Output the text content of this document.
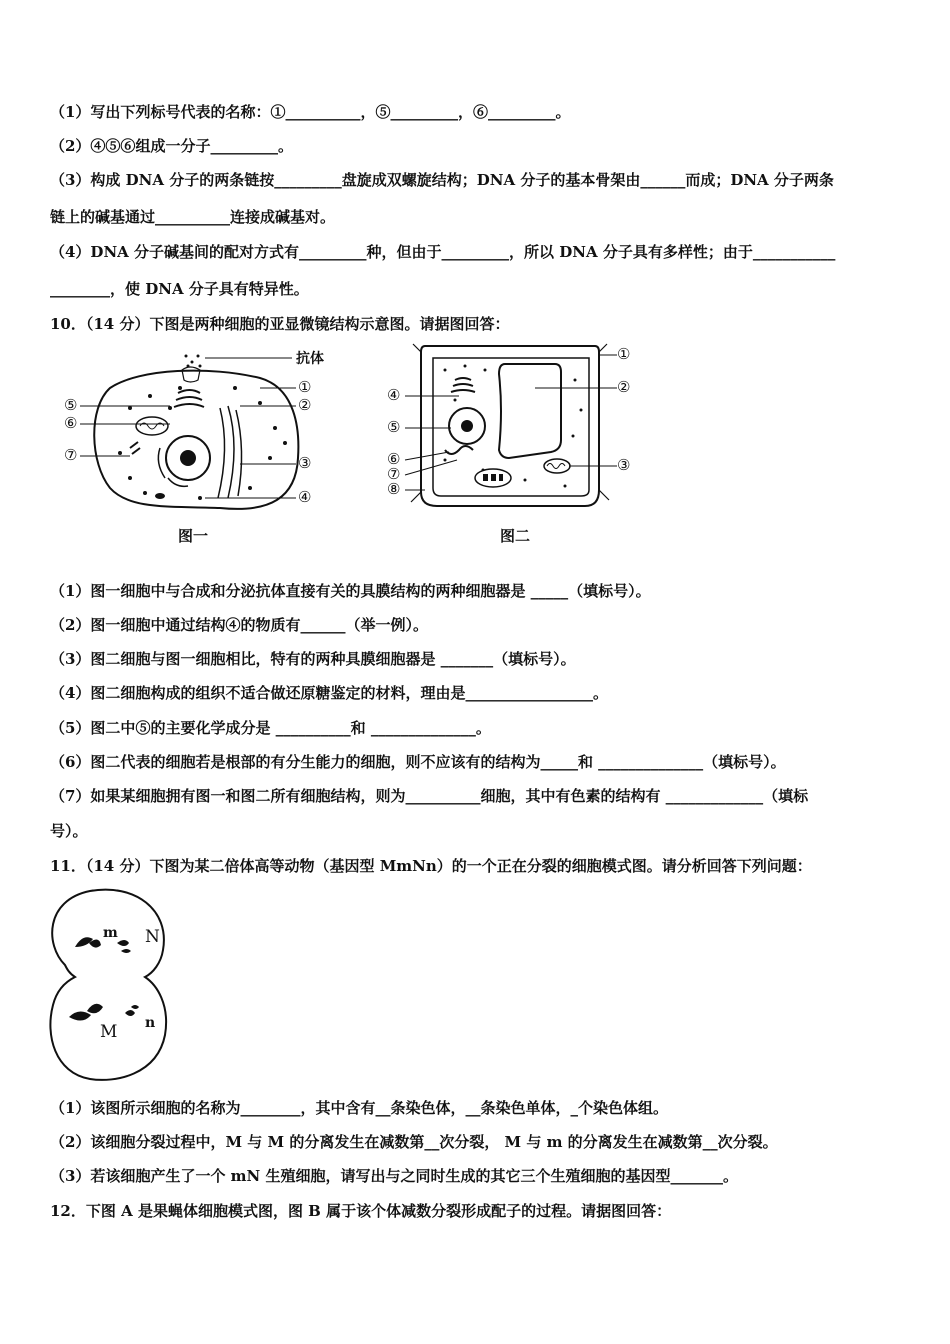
（1）写出下列标号代表的名称：①__________，⑤_________，⑥_________。
（2）④⑤⑥组成一分子_________。
（3）构成 DNA 分子的两条链按_________盘旋成双螺旋结构；DNA 分子的基本骨架由______而成；DNA 分子两条
链上的碱基通过__________连接成碱基对。
（4）DNA 分子碱基间的配对方式有_________种，但由于_________，所以 DNA 分子具有多样性；由于___________
________，使 DNA 分子具有特异性。
10．（14 分）下图是两种细胞的亚显微镜结构示意图。请据图回答：
抗体
①
②
③
④
⑤
⑥
⑦
图一
①
②
③
④
⑤
⑥
⑦
⑧
图二
（1）图一细胞中与合成和分泌抗体直接有关的具膜结构的两种细胞器是 _____（填标号）。
（2）图一细胞中通过结构④的物质有______（举一例）。
（3）图二细胞与图一细胞相比，特有的两种具膜细胞器是 _______（填标号）。
（4）图二细胞构成的组织不适合做还原糖鉴定的材料，理由是_________________。
（5）图二中⑤的主要化学成分是 __________和 ______________。
（6）图二代表的细胞若是根部的有分生能力的细胞，则不应该有的结构为_____和 ______________（填标号）。
（7）如果某细胞拥有图一和图二所有细胞结构，则为__________细胞，其中有色素的结构有 _____________（填标
号）。
11．（14 分）下图为某二倍体高等动物（基因型 MmNn）的一个正在分裂的细胞模式图。请分析回答下列问题：
m N
M n
（1）该图所示细胞的名称为________，其中含有__条染色体，__条染色单体，_个染色体组。
（2）该细胞分裂过程中，M 与 M 的分离发生在减数第__次分裂， M 与 m 的分离发生在减数第__次分裂。
（3）若该细胞产生了一个 mN 生殖细胞，请写出与之同时生成的其它三个生殖细胞的基因型_______。
12．下图 A 是果蝇体细胞模式图，图 B 属于该个体减数分裂形成配子的过程。请据图回答：
